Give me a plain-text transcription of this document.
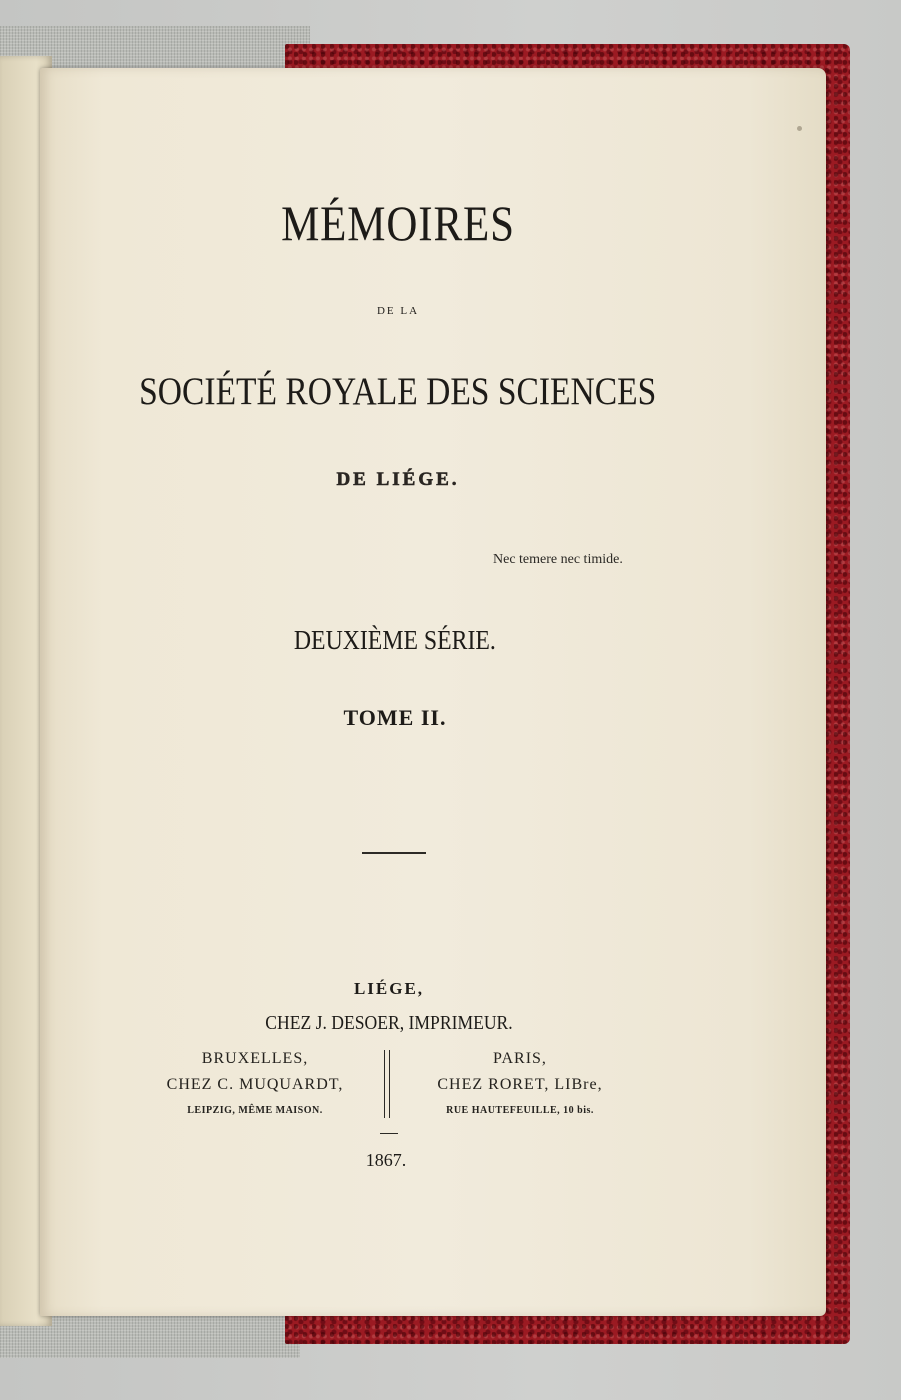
MÉMOIRES

DE LA

SOCIÉTÉ ROYALE DES SCIENCES

DE LIÉGE.

Nec temere nec timide.

DEUXIÈME SÉRIE.

TOME II.

LIÉGE,

CHEZ J. DESOER, IMPRIMEUR.

BRUXELLES,
CHEZ C. MUQUARDT,
LEIPZIG, MÊME MAISON.
PARIS,
CHEZ RORET, LIBre,
RUE HAUTEFEUILLE, 10 bis.

1867.
